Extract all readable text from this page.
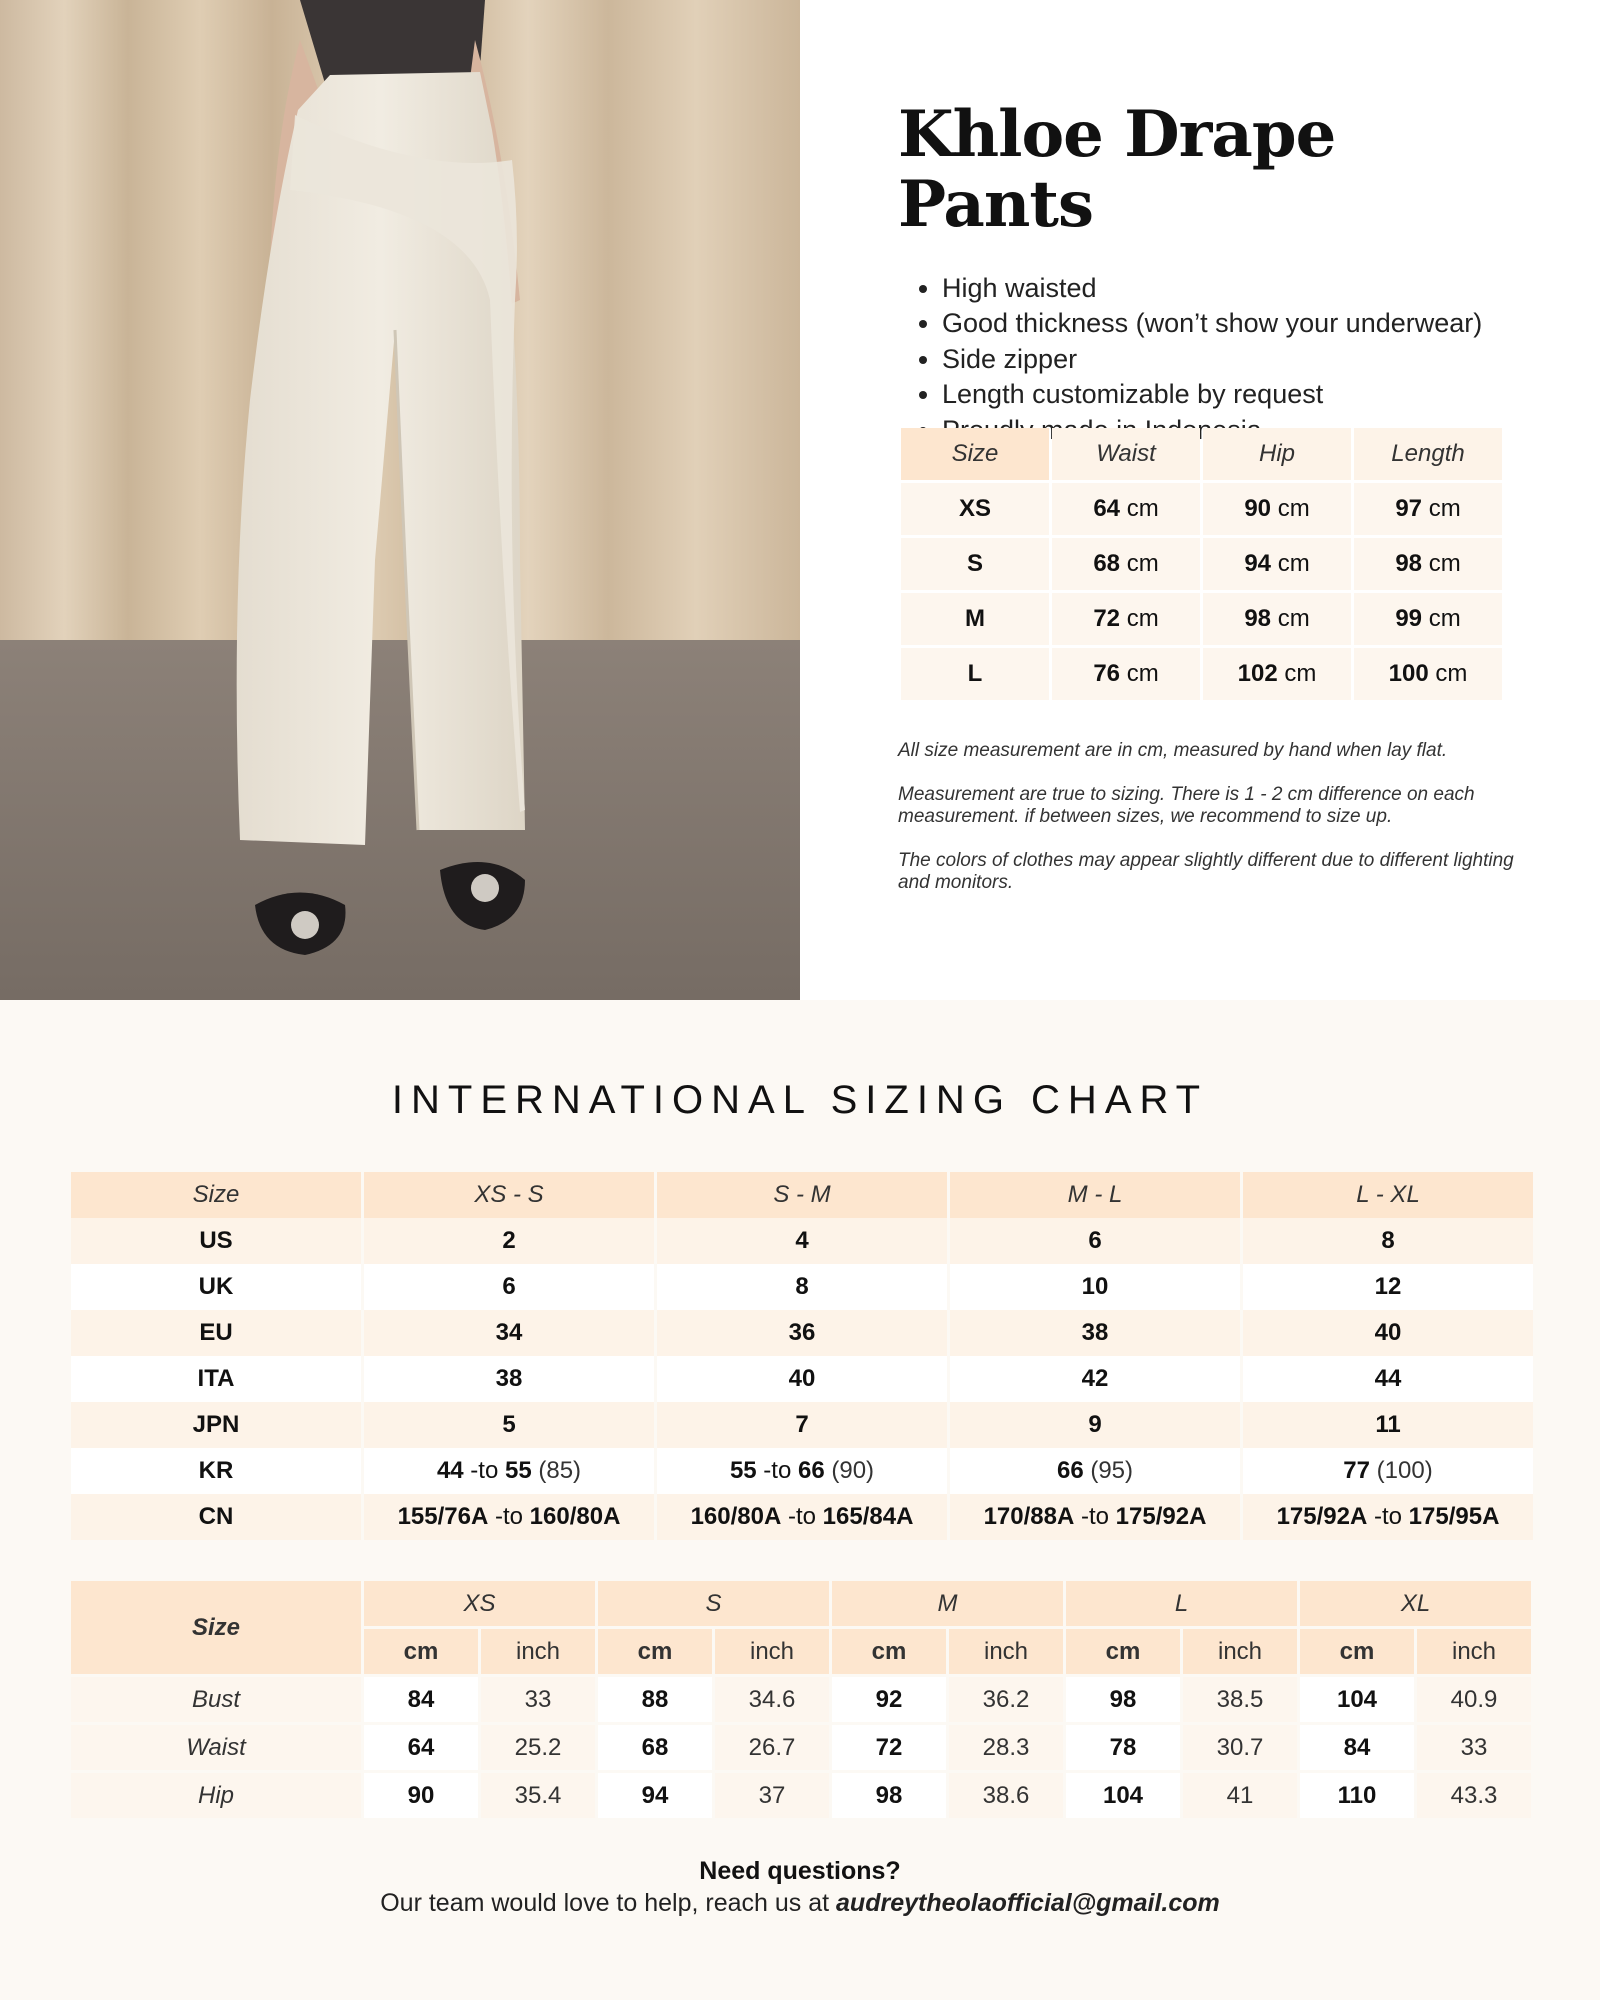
Khloe Drape Pants
• High waisted
• Good thickness (won’t show your underwear)
• Side zipper
• Length customizable by request
•
Size	Waist	Hip	Length
XS	64 cm	90 cm	97 cm
S	68 cm	94 cm	98 cm
M	72 cm	98 cm	99 cm
L	76 cm	102 cm	100 cm

All size measurement are in cm, measured by hand when lay flat.

Measurement are true to sizing. There is 1 - 2 cm difference on each measurement. if between sizes, we recommend to size up.

The colors of clothes may appear slightly different due to different lighting and monitors.

INTERNATIONAL SIZING CHART
Size	XS - S	S - M	M - L	L - XL
US	2	4	6	8
UK	6	8	10	12
EU	34	36	38	40
ITA	38	40	42	44
JPN	5	7	9	11
KR	44 -to 55 (85)	55 -to 66 (90)	66 (95)	77 (100)
CN	155/76A -to 160/80A	160/80A -to 165/84A	170/88A -to 175/92A	175/92A -to 175/95A
Size	XS		S		M		L		XL	
	cm	inch	cm	inch	cm	inch	cm	inch	cm	inch
Bust	84	33	88	34.6	92	36.2	98	38.5	104	40.9
Waist	64	25.2	68	26.7	72	28.3	78	30.7	84	33
Hip	90	35.4	94	37	98	38.6	104	41	110	43.3
Need questions?
Our team would love to help, reach us at audreytheolaofficial@gmail.com
